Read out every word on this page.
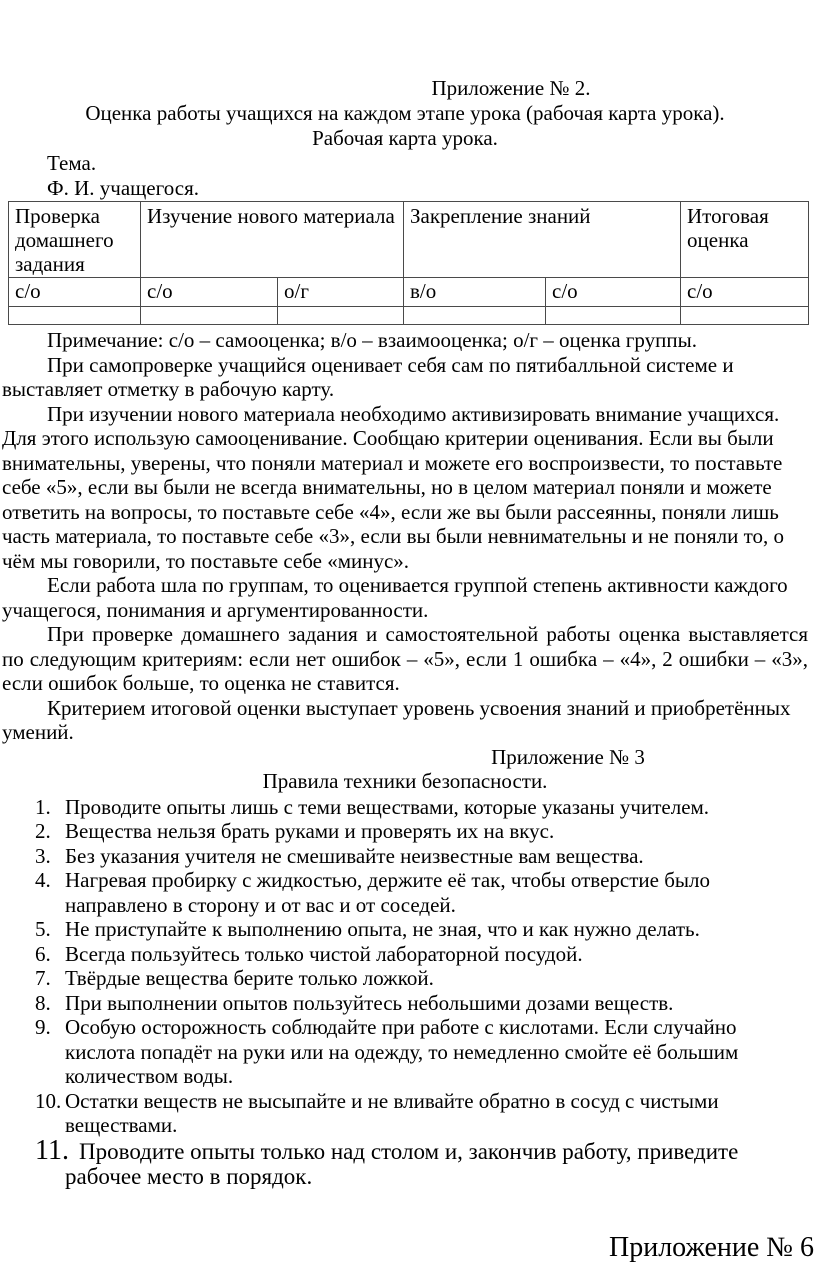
Приложение № 2.
Оценка работы учащихся на каждом этапе урока (рабочая карта урока).
Рабочая карта урока.
Тема.
Ф. И. учащегося.
Проверка домашнего задания	Изучение нового материала		Закрепление знаний		Итоговая оценка
с/о	с/о	о/г	в/о	с/о	с/о

Примечание: с/о – самооценка; в/о – взаимооценка; о/г – оценка группы.

При самопроверке учащийся оценивает себя сам по пятибалльной системе и выставляет отметку в рабочую карту.

При изучении нового материала необходимо активизировать внимание учащихся. Для этого использую самооценивание. Сообщаю критерии оценивания. Если вы были внимательны, уверены, что поняли материал и можете его воспроизвести, то поставьте себе «5», если вы были не всегда внимательны, но в целом материал поняли и можете ответить на вопросы, то поставьте себе «4», если же вы были рассеянны, поняли лишь часть материала, то поставьте себе «3», если вы были невнимательны и не поняли то, о чём мы говорили, то поставьте себе «минус».

Если работа шла по группам, то оценивается группой степень активности каждого учащегося, понимания и аргументированности.

При проверке домашнего задания и самостоятельной работы оценка выставляется по следующим критериям: если нет ошибок – «5», если 1 ошибка – «4», 2 ошибки – «3», если ошибок больше, то оценка не ставится.

Критерием итоговой оценки выступает уровень усвоения знаний и приобретённых умений.

Приложение № 3
Правила техники безопасности.
1. Проводите опыты лишь с теми веществами, которые указаны учителем.
2. Вещества нельзя брать руками и проверять их на вкус.
3. Без указания учителя не смешивайте неизвестные вам вещества.
4. Нагревая пробирку с жидкостью, держите её так, чтобы отверстие было направлено в сторону и от вас и от соседей.
5. Не приступайте к выполнению опыта, не зная, что и как нужно делать.
6. Всегда пользуйтесь только чистой лабораторной посудой.
7. Твёрдые вещества берите только ложкой.
8. При выполнении опытов пользуйтесь небольшими дозами веществ.
9. Особую осторожность соблюдайте при работе с кислотами. Если случайно кислота попадёт на руки или на одежду, то немедленно смойте её большим количеством воды.
10. Остатки веществ не высыпайте и не вливайте обратно в сосуд с чистыми веществами.
11. Проводите опыты только над столом и, закончив работу, приведите рабочее место в порядок.
Приложение № 6
